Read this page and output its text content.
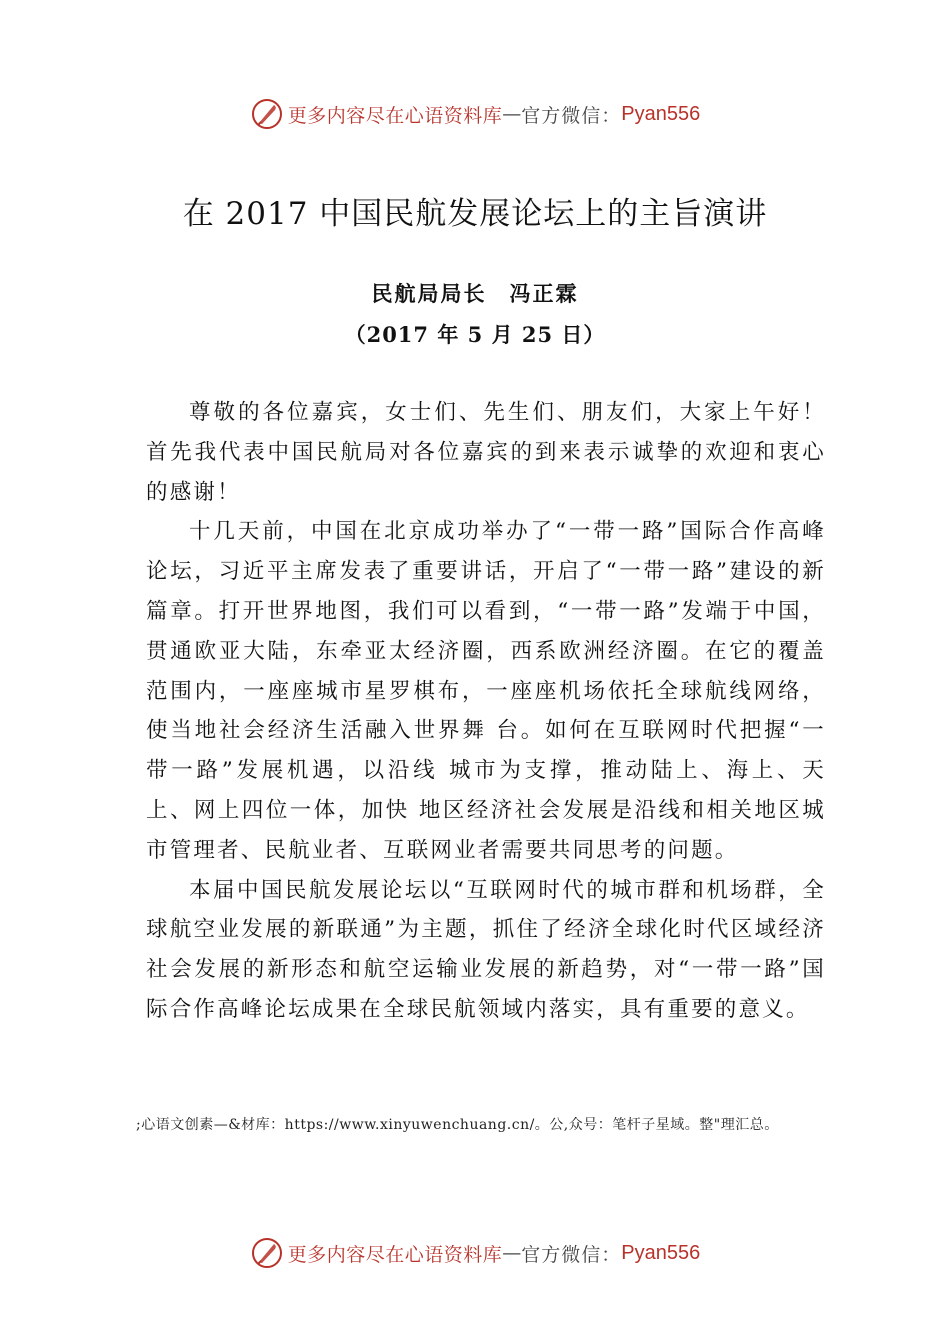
更多内容尽在心语资料库 — 官方微信： Pyan556
在 2017 中国民航发展论坛上的主旨演讲
民航局局长　冯正霖
（2017 年 5 月 25 日）

尊敬的各位嘉宾，女士们、先生们、朋友们，大家上午好！首先我代表中国民航局对各位嘉宾的到来表示诚挚的欢迎和衷心的感谢！

十几天前，中国在北京成功举办了“一带一路”国际合作高峰论坛，习近平主席发表了重要讲话，开启了“一带一路”建设的新篇章。打开世界地图，我们可以看到，“一带一路”发端于中国，贯通欧亚大陆，东牵亚太经济圈，西系欧洲经济圈。在它的覆盖范围内，一座座城市星罗棋布，一座座机场依托全球航线网络，使当地社会经济生活融入世界舞 台。如何在互联网时代把握“一带一路”发展机遇，以沿线 城市为支撑，推动陆上、海上、天上、网上四位一体，加快 地区经济社会发展是沿线和相关地区城市管理者、民航业者、互联网业者需要共同思考的问题。

本届中国民航发展论坛以“互联网时代的城市群和机场群，全球航空业发展的新联通”为主题，抓住了经济全球化时代区域经济社会发展的新形态和航空运输业发展的新趋势，对“一带一路”国际合作高峰论坛成果在全球民航领域内落实，具有重要的意义。

;心语文创素—&材库：https://www.xinyuwenchuang.cn/。公,众号：笔杆子星域。整"理汇总。
更多内容尽在心语资料库 — 官方微信： Pyan556
